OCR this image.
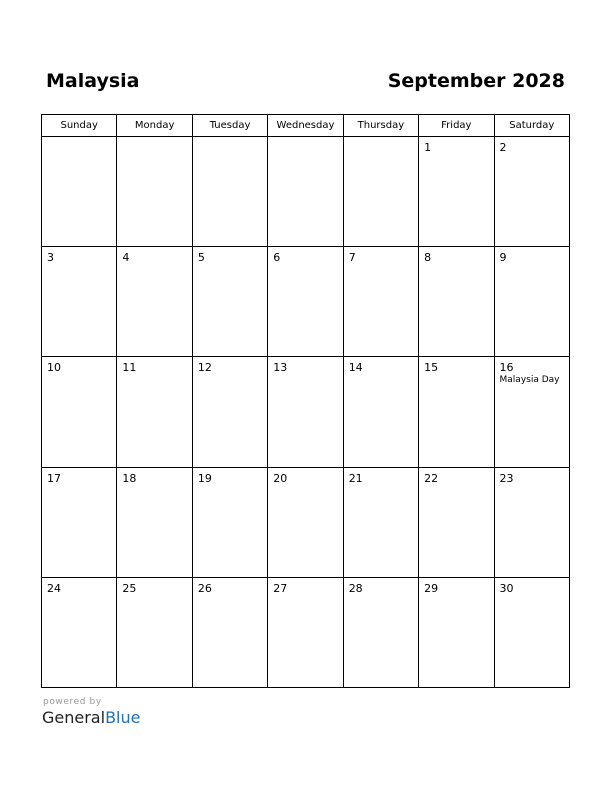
Malaysia	September 2028
Sunday	Monday	Tuesday	Wednesday	Thursday	Friday	Saturday

					1	2

3	4	5	6	7	8	9

10	11	12	13	14	15	16
Malaysia Day

17	18	19	20	21	22	23

24	25	26	27	28	29	30
powered by
GeneralBlue
